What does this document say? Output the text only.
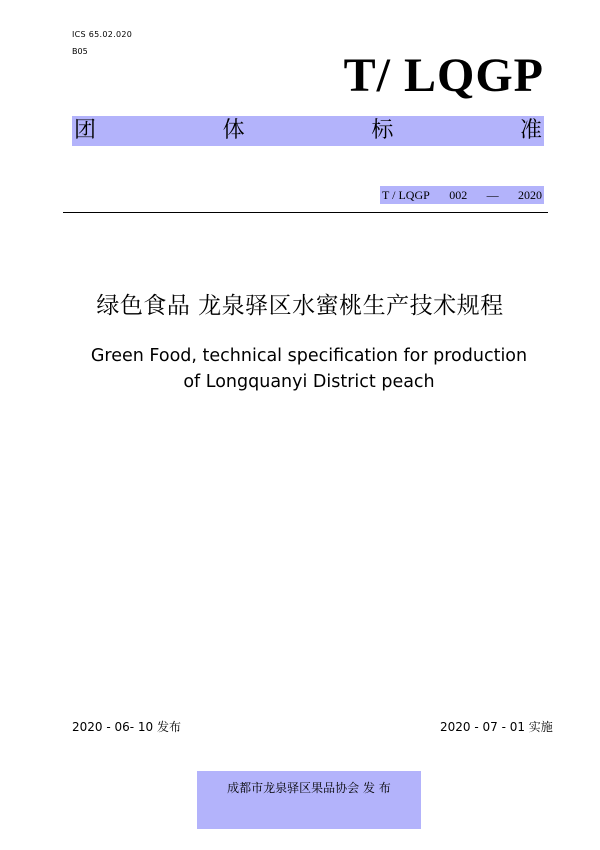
ICS 65.02.020
B05	T/ LQGP
团	体	标	准
T / LQGP 002 — 2020
绿色食品 龙泉驿区水蜜桃生产技术规程
Green Food, technical specification for production
of Longquanyi District peach
2020 - 06- 10 发布	2020 - 07 - 01 实施
成都市龙泉驿区果品协会 发 布
